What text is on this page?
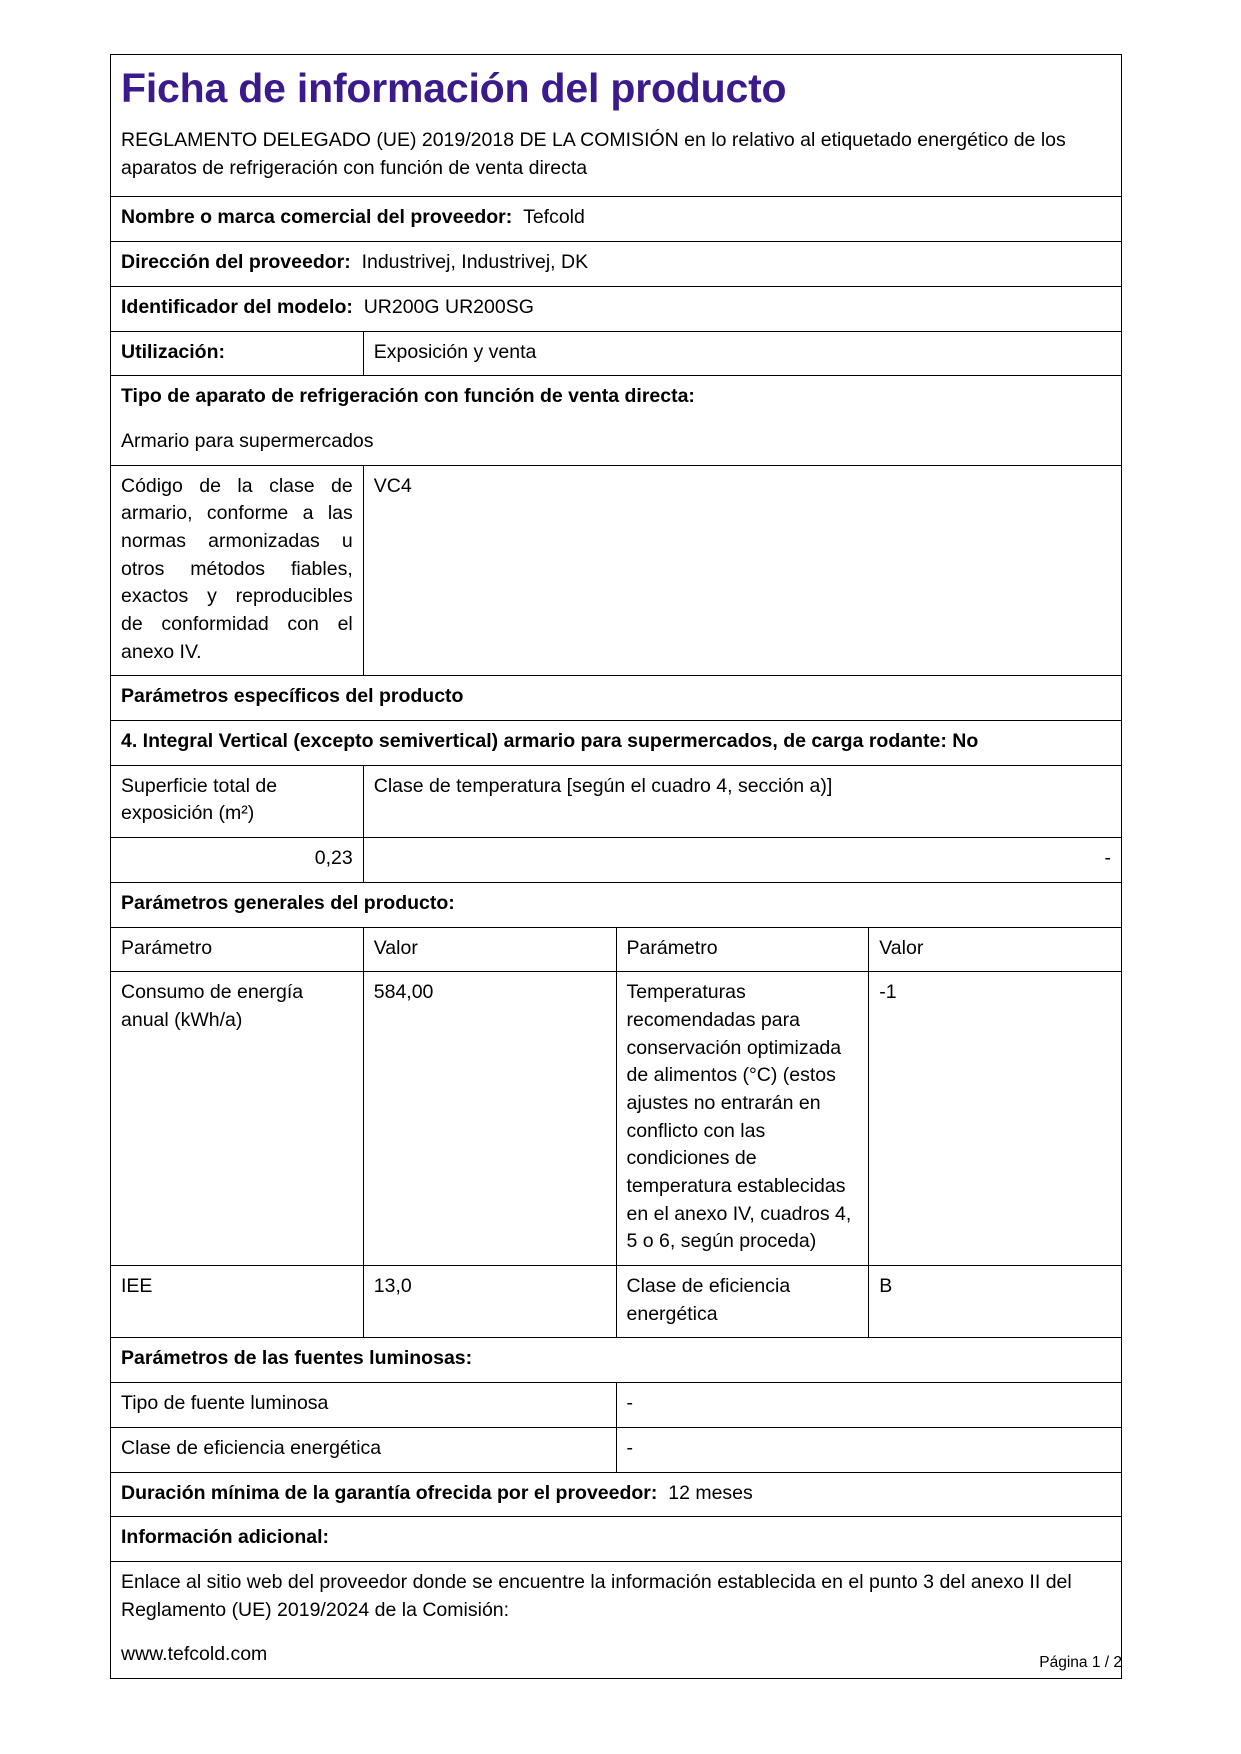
Ficha de información del producto
REGLAMENTO DELEGADO (UE) 2019/2018 DE LA COMISIÓN en lo relativo al etiquetado energético de los aparatos de refrigeración con función de venta directa			

Nombre o marca comercial del proveedor: Tefcold			
Dirección del proveedor: Industrivej, Industrivej, DK			
Identificador del modelo: UR200G UR200SG			
Utilización:	Exposición y venta		

Tipo de aparato de refrigeración con función de venta directa:
Armario para supermercados			

Código de la clase de armario, conforme a las normas armonizadas u otros métodos fiables, exactos y reproducibles de conformidad con el anexo IV.	VC4		
Parámetros específicos del producto			
4. Integral Vertical (excepto semivertical) armario para supermercados, de carga rodante: No			
Superficie total de exposición (m²)	Clase de temperatura [según el cuadro 4, sección a)]		
0,23	-		
Parámetros generales del producto:			
Parámetro	Valor	Parámetro	Valor
Consumo de energía anual (kWh/a)	584,00	Temperaturas recomendadas para conservación optimizada de alimentos (°C) (estos ajustes no entrarán en conflicto con las condiciones de temperatura establecidas en el anexo IV, cuadros 4, 5 o 6, según proceda)	-1
IEE	13,0	Clase de eficiencia energética	B
Parámetros de las fuentes luminosas:			
Tipo de fuente luminosa		-	
Clase de eficiencia energética		-	
Duración mínima de la garantía ofrecida por el proveedor: 12 meses			
Información adicional:			

Enlace al sitio web del proveedor donde se encuentre la información establecida en el punto 3 del anexo II del Reglamento (UE) 2019/2024 de la Comisión:
www.tefcold.com				Página 1 / 2
